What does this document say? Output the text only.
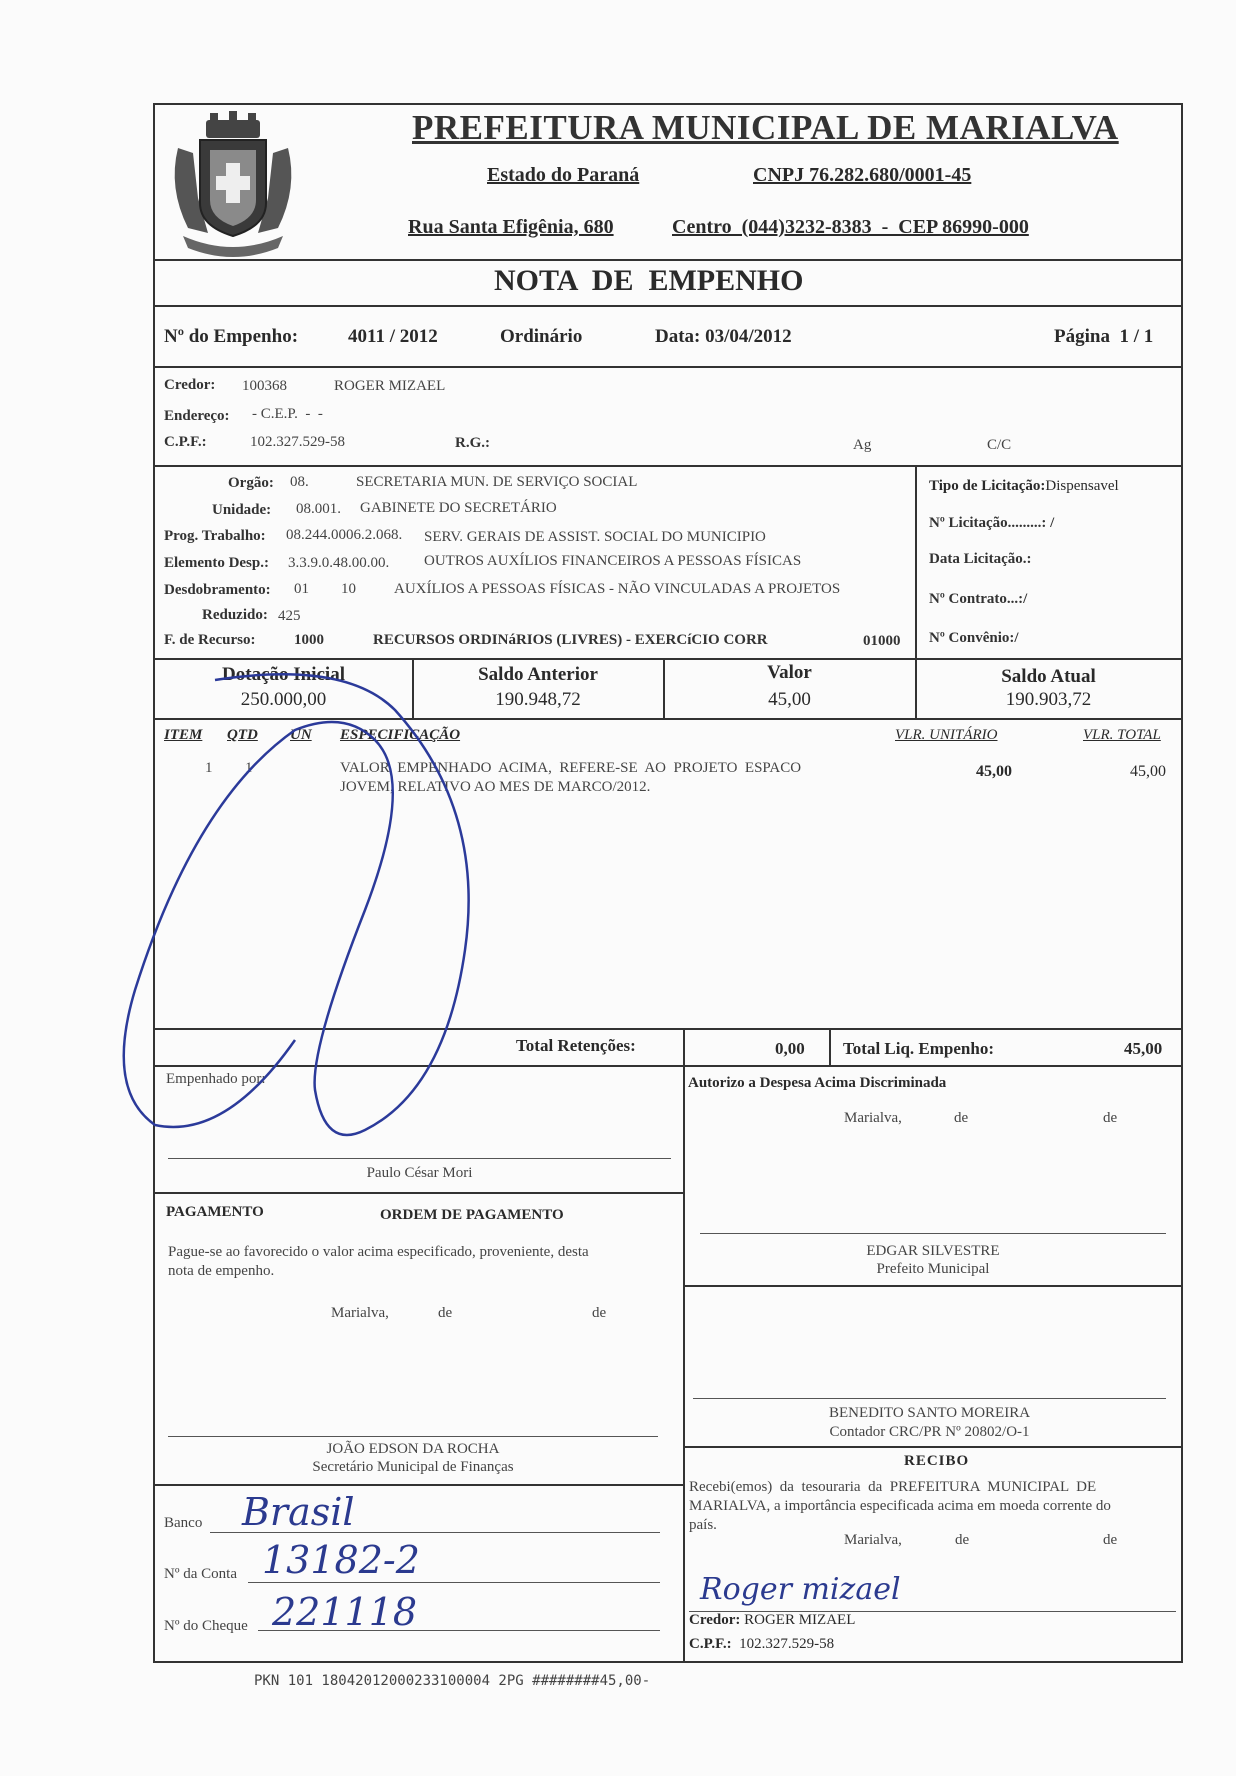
PREFEITURA MUNICIPAL DE MARIALVA
Estado do Paraná	CNPJ 76.282.680/0001-45
Rua Santa Efigênia, 680	Centro  (044)3232-8383  -  CEP 86990-000
NOTA  DE  EMPENHO
Nº do Empenho:	4011 / 2012	Ordinário	Data: 03/04/2012	Página  1 / 1
Credor: 100368	ROGER MIZAEL
Endereço: - C.E.P.  -  -
C.P.F.:	102.327.529-58	R.G.:	Ag	C/C
Orgão: 08.	SECRETARIA MUN. DE SERVIÇO SOCIAL
Unidade: 08.001. GABINETE DO SECRETÁRIO
Prog. Trabalho: 08.244.0006.2.068. SERV. GERAIS DE ASSIST. SOCIAL DO MUNICIPIO
Elemento Desp.: 3.3.9.0.48.00.00. OUTROS AUXÍLIOS FINANCEIROS A PESSOAS FÍSICAS
Desdobramento: 01 10	AUXÍLIOS A PESSOAS FÍSICAS - NÃO VINCULADAS A PROJETOS
Reduzido: 425
F. de Recurso:	1000	RECURSOS ORDINáRIOS (LIVRES) - EXERCíCIO CORR	01000
Tipo de Licitação:Dispensavel
Nº Licitação.........: /
Data Licitação.:
Nº Contrato...:/
Nº Convênio:/
Dotação Inicial
250.000,00
Saldo Anterior
190.948,72
Valor
45,00
Saldo Atual
190.903,72
ITEM QTD UN ESPECIFICAÇÃO	VLR. UNITÁRIO	VLR. TOTAL
1 1	VALOR  EMPENHADO  ACIMA,  REFERE-SE  AO  PROJETO  ESPACO
JOVEM, RELATIVO AO MES DE MARCO/2012.
45,00	45,00
Total Retenções:	0,00 Total Liq. Empenho:	45,00
Empenhado por:
Paulo César Mori
Autorizo a Despesa Acima Discriminada
Marialva,	de	de
EDGAR SILVESTRE
Prefeito Municipal
PAGAMENTO	ORDEM DE PAGAMENTO
Pague-se ao favorecido o valor acima especificado, proveniente, desta
nota de empenho.
Marialva,	de	de
JOÃO EDSON DA ROCHA
Secretário Municipal de Finanças
BENEDITO SANTO MOREIRA
Contador CRC/PR Nº 20802/O-1
RECIBO
Recebi(emos)  da  tesouraria  da  PREFEITURA  MUNICIPAL  DE
MARIALVA, a importância especificada acima em moeda corrente do
país.
Marialva,	de	de
Roger mizael
Credor: ROGER MIZAEL
C.P.F.: 102.327.529-58
Banco Brasil
Nº da Conta 13182-2
Nº do Cheque 221118
PKN 101 18042012000233100004 2PG ########45,00-
